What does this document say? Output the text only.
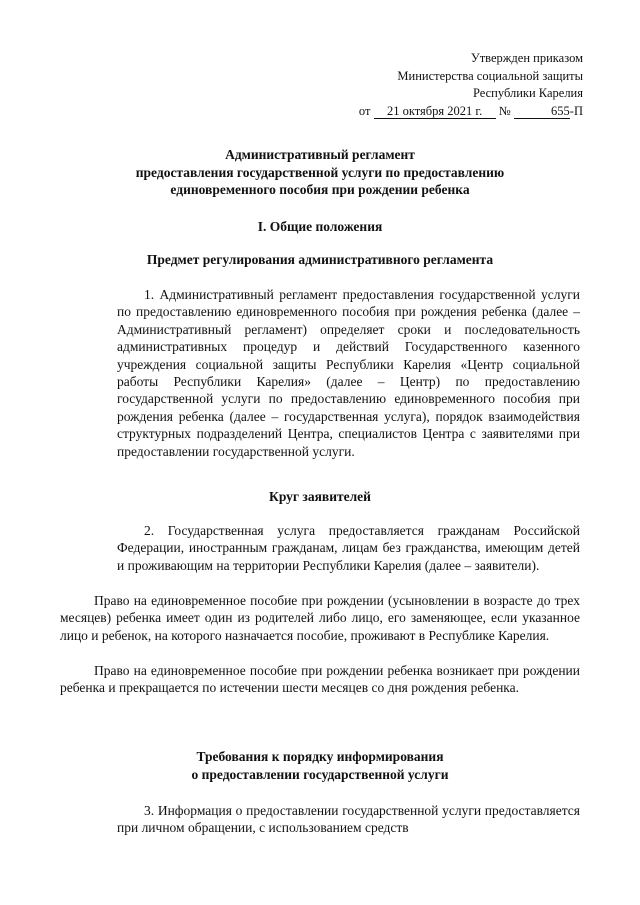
Утвержден приказом
Министерства социальной защиты
Республики Карелия
от 21 октября 2021 г. №	655-П
Административный регламент
предоставления государственной услуги по предоставлению
единовременного пособия при рождении ребенка
I. Общие положения
Предмет регулирования административного регламента
1. Административный регламент предоставления государственной услуги по предоставлению единовременного пособия при рождения ребенка (далее – Административный регламент) определяет сроки и последовательность административных процедур и действий Государственного казенного учреждения социальной защиты Республики Карелия «Центр социальной работы Республики Карелия» (далее – Центр) по предоставлению государственной услуги по предоставлению единовременного пособия при рождения ребенка (далее – государственная услуга), порядок взаимодействия структурных подразделений Центра, специалистов Центра с заявителями при предоставлении государственной услуги.
Круг заявителей
2. Государственная услуга предоставляется гражданам Российской Федерации, иностранным гражданам, лицам без гражданства, имеющим детей и проживающим на территории Республики Карелия (далее – заявители).
Право на единовременное пособие при рождении (усыновлении в возрасте до трех месяцев) ребенка имеет один из родителей либо лицо, его заменяющее, если указанное лицо и ребенок, на которого назначается пособие, проживают в Республике Карелия.
Право на единовременное пособие при рождении ребенка возникает при рождении ребенка и прекращается по истечении шести месяцев со дня рождения ребенка.
Требования к порядку информирования
о предоставлении государственной услуги
3. Информация о предоставлении государственной услуги предоставляется при личном обращении, с использованием средств
